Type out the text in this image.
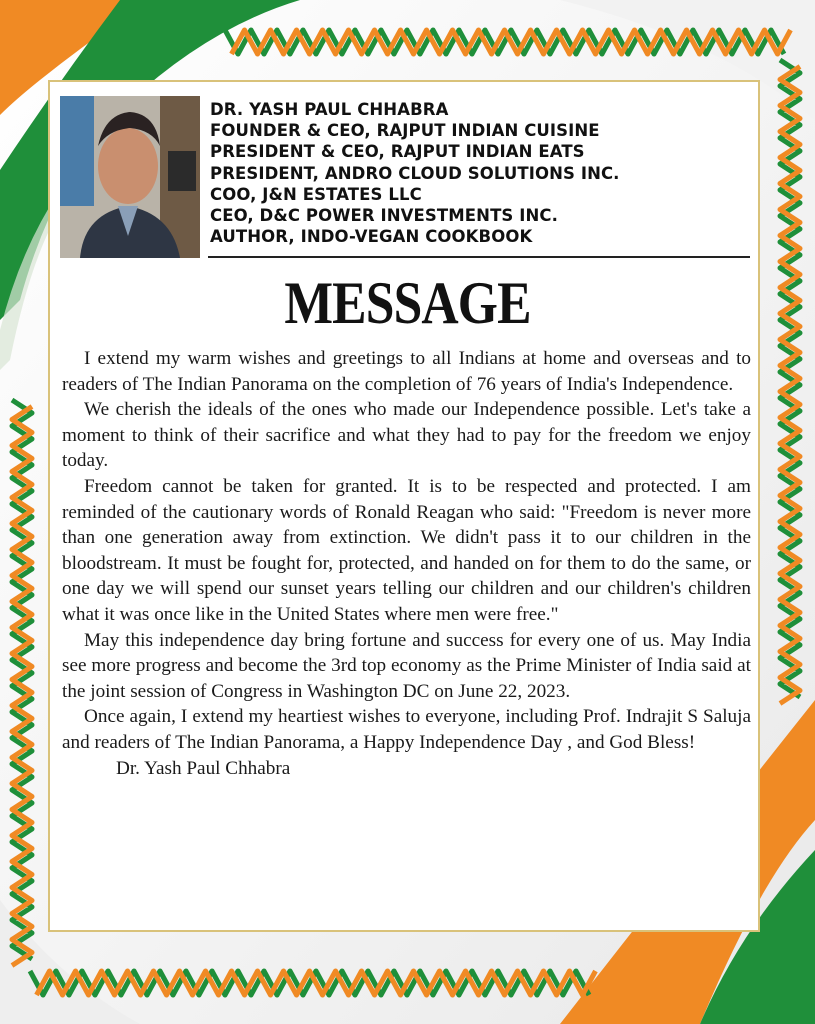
DR. YASH PAUL CHHABRA
FOUNDER & CEO, RAJPUT INDIAN CUISINE
PRESIDENT & CEO, RAJPUT INDIAN EATS
PRESIDENT, ANDRO CLOUD SOLUTIONS INC.
COO, J&N ESTATES LLC
CEO, D&C POWER INVESTMENTS INC.
AUTHOR, INDO-VEGAN COOKBOOK
MESSAGE

I extend my warm wishes and greetings to all Indians at home and overseas and to readers of The Indian Panorama on the completion of 76 years of India's Independence.

We cherish the ideals of the ones who made our Independence possible. Let's take a moment to think of their sacrifice and what they had to pay for the freedom we enjoy today.

Freedom cannot be taken for granted. It is to be respected and protected. I am reminded of the cautionary words of Ronald Reagan who said: "Freedom is never more than one generation away from extinction. We didn't pass it to our children in the bloodstream. It must be fought for, protected, and handed on for them to do the same, or one day we will spend our sunset years telling our children and our children's children what it was once like in the United States where men were free."

May this independence day bring fortune and success for every one of us. May India see more progress and become the 3rd top economy as the Prime Minister of India said at the joint session of Congress in Washington DC on June 22, 2023.

Once again, I extend my heartiest wishes to everyone, including Prof. Indrajit S Saluja and readers of The Indian Panorama, a Happy Independence Day , and God Bless!

Dr. Yash Paul Chhabra
